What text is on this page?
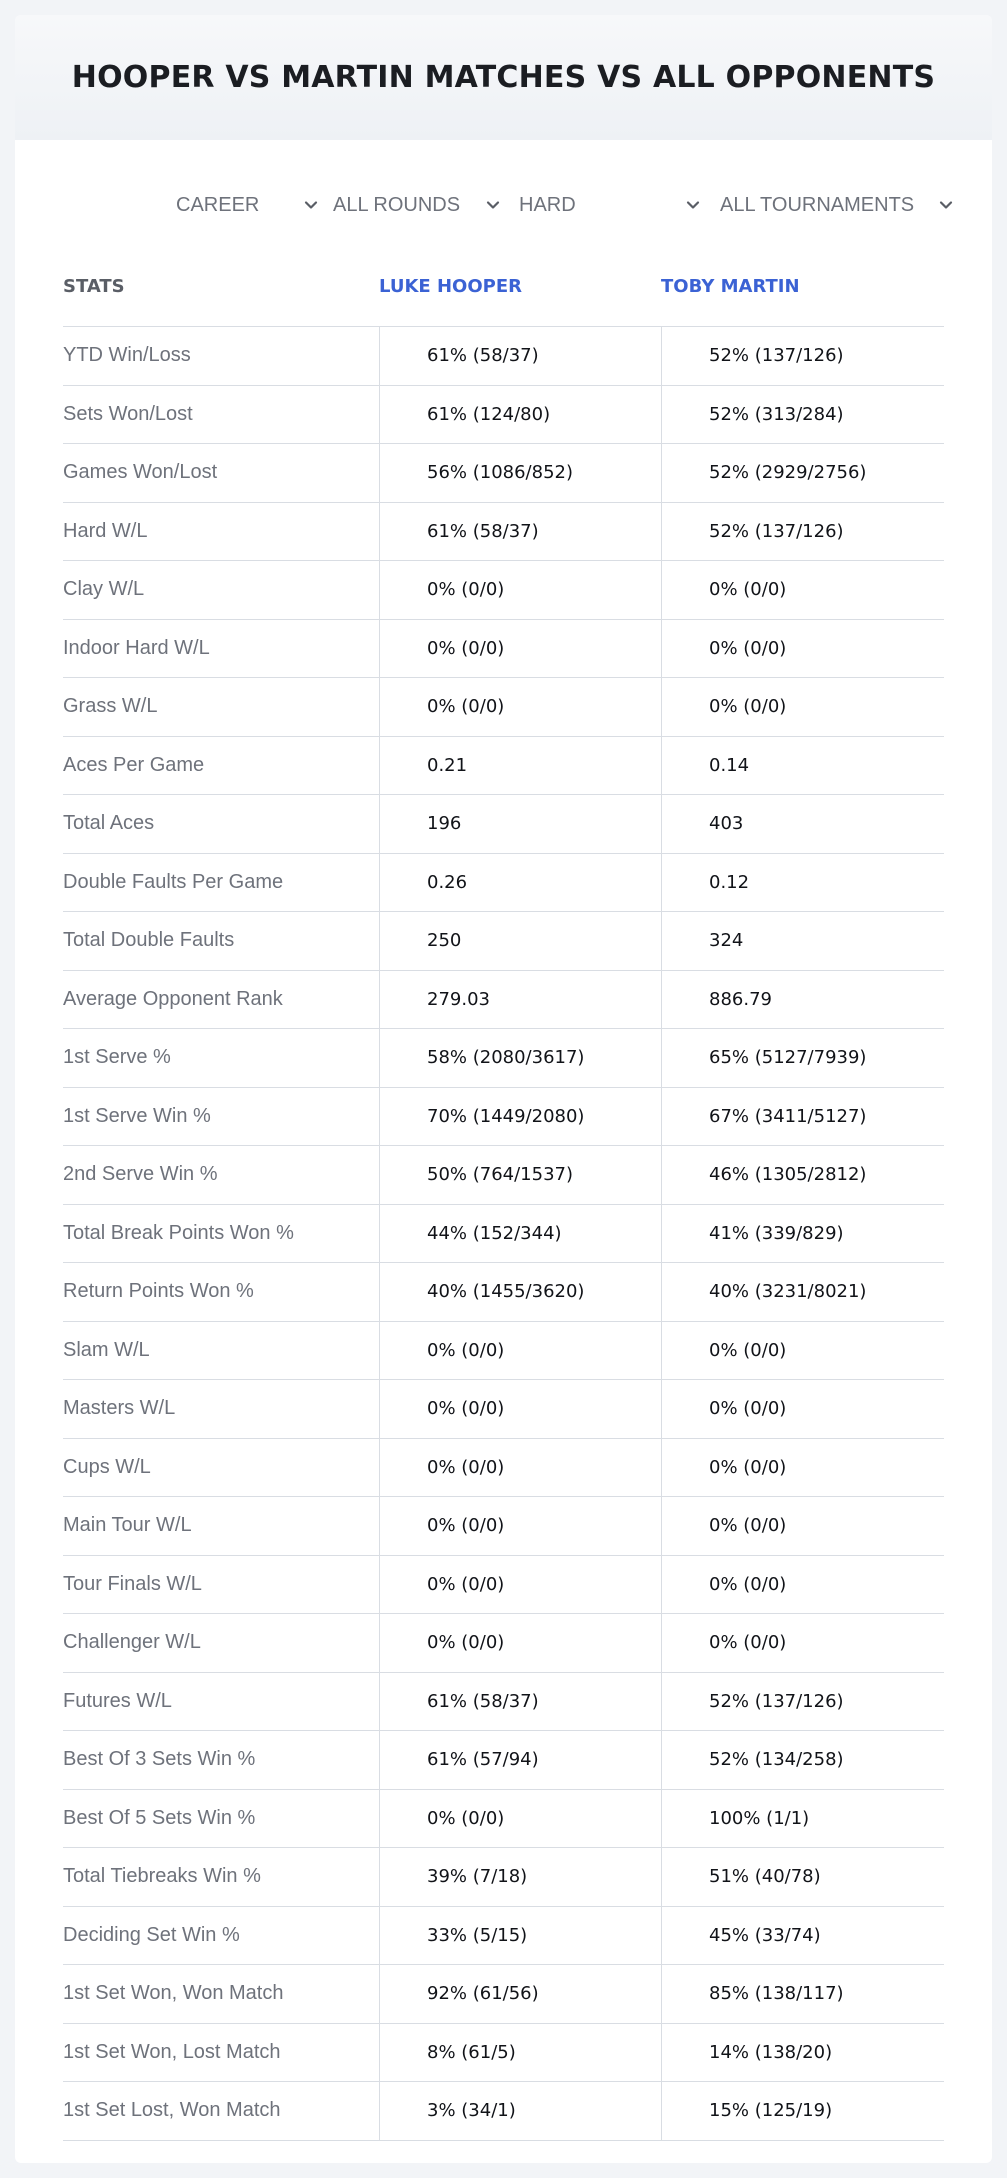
HOOPER VS MARTIN MATCHES VS ALL OPPONENTS
CAREER	ALL ROUNDS	HARD	ALL TOURNAMENTS
STATS	LUKE HOOPER	TOBY MARTIN
YTD Win/Loss	61% (58/37)	52% (137/126)
Sets Won/Lost	61% (124/80)	52% (313/284)
Games Won/Lost	56% (1086/852)	52% (2929/2756)
Hard W/L	61% (58/37)	52% (137/126)
Clay W/L	0% (0/0)	0% (0/0)
Indoor Hard W/L	0% (0/0)	0% (0/0)
Grass W/L	0% (0/0)	0% (0/0)
Aces Per Game	0.21	0.14
Total Aces	196	403
Double Faults Per Game	0.26	0.12
Total Double Faults	250	324
Average Opponent Rank	279.03	886.79
1st Serve %	58% (2080/3617)	65% (5127/7939)
1st Serve Win %	70% (1449/2080)	67% (3411/5127)
2nd Serve Win %	50% (764/1537)	46% (1305/2812)
Total Break Points Won %	44% (152/344)	41% (339/829)
Return Points Won %	40% (1455/3620)	40% (3231/8021)
Slam W/L	0% (0/0)	0% (0/0)
Masters W/L	0% (0/0)	0% (0/0)
Cups W/L	0% (0/0)	0% (0/0)
Main Tour W/L	0% (0/0)	0% (0/0)
Tour Finals W/L	0% (0/0)	0% (0/0)
Challenger W/L	0% (0/0)	0% (0/0)
Futures W/L	61% (58/37)	52% (137/126)
Best Of 3 Sets Win %	61% (57/94)	52% (134/258)
Best Of 5 Sets Win %	0% (0/0)	100% (1/1)
Total Tiebreaks Win %	39% (7/18)	51% (40/78)
Deciding Set Win %	33% (5/15)	45% (33/74)
1st Set Won, Won Match	92% (61/56)	85% (138/117)
1st Set Won, Lost Match	8% (61/5)	14% (138/20)
1st Set Lost, Won Match	3% (34/1)	15% (125/19)
